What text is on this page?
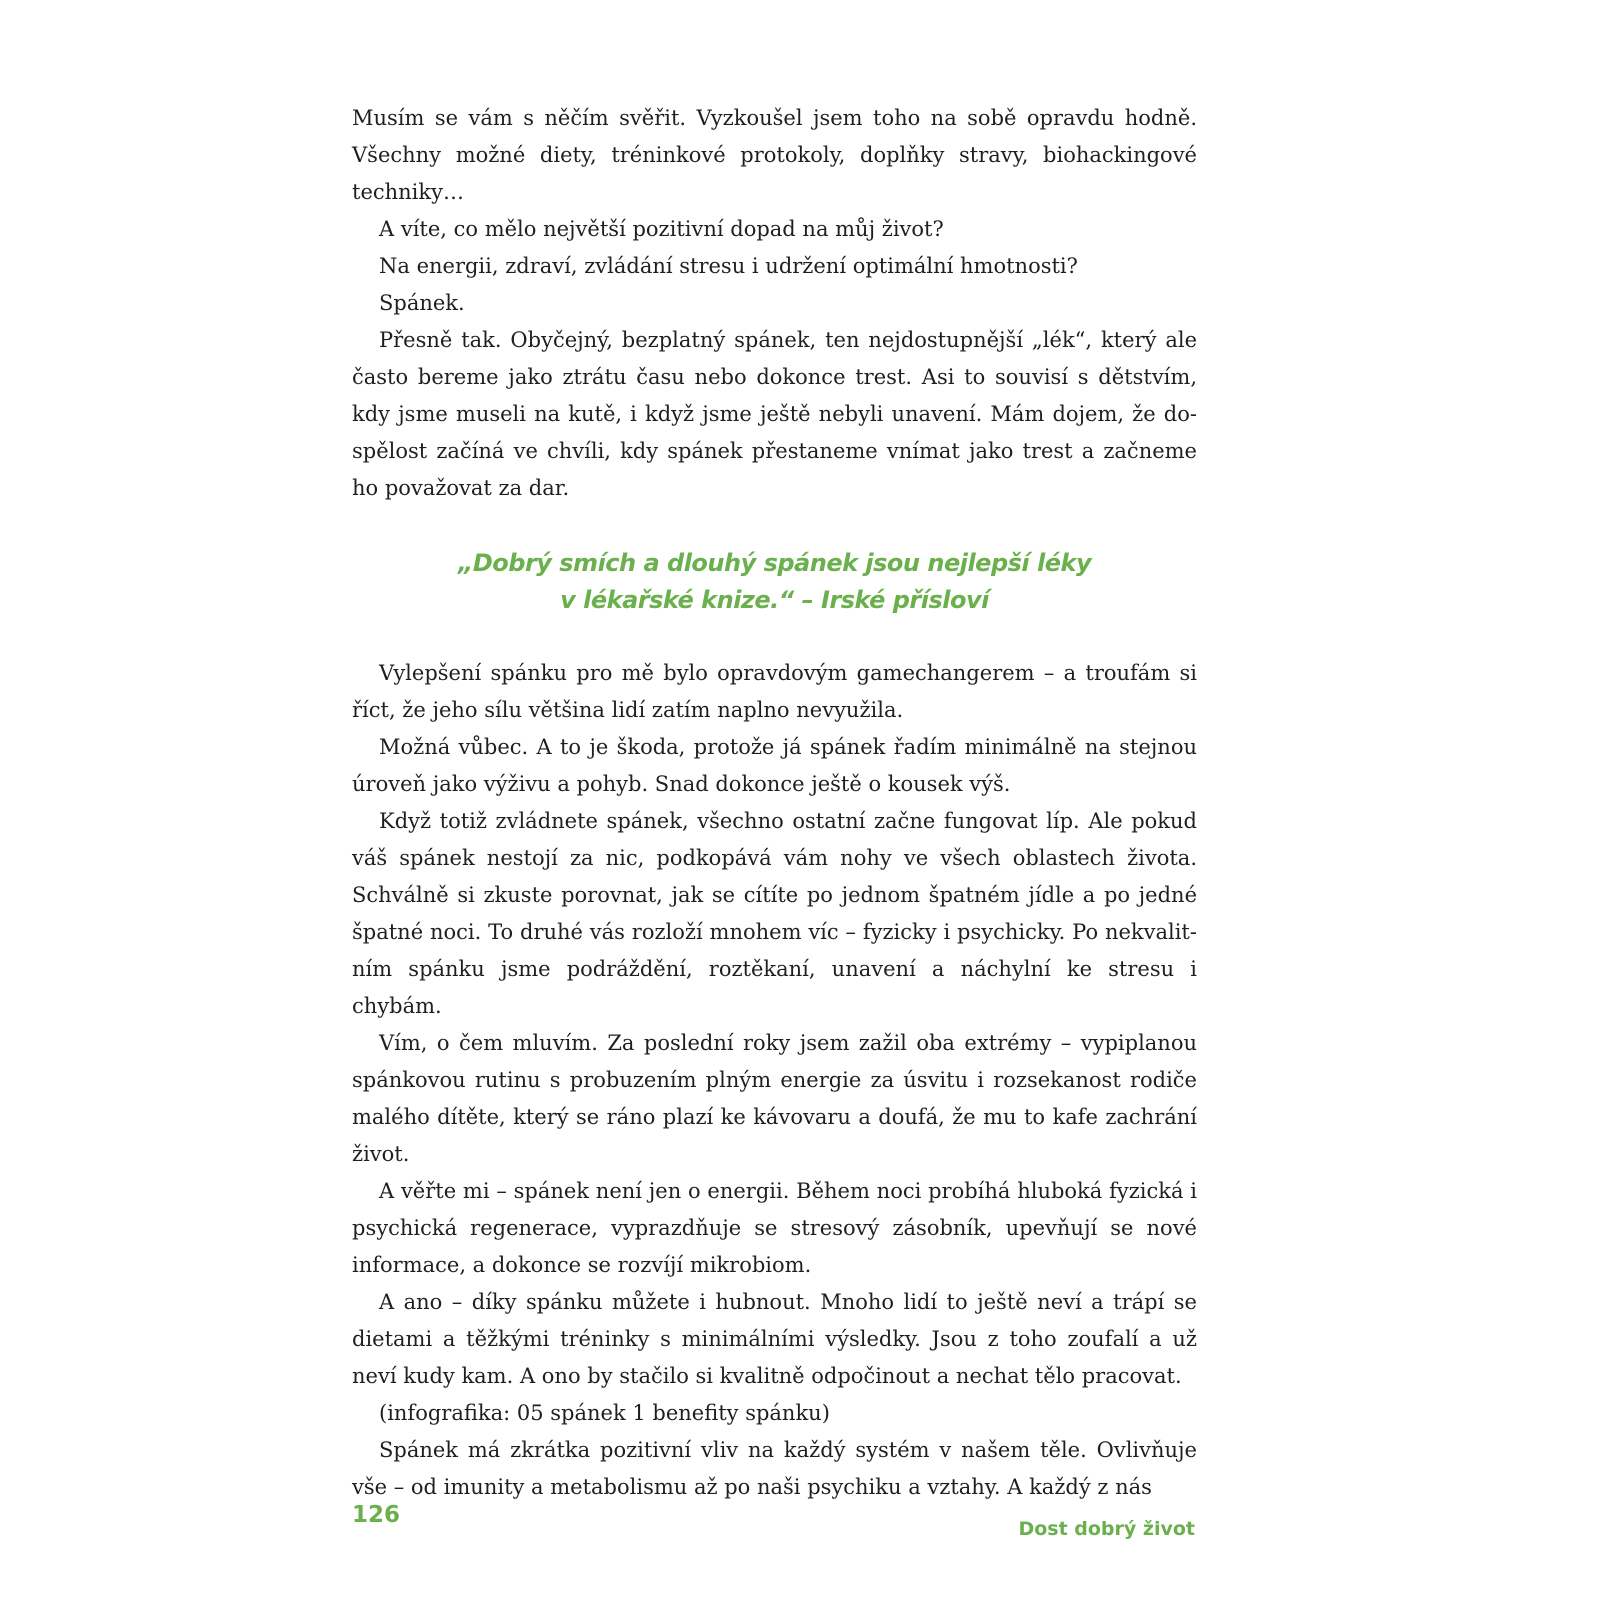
Musím se vám s něčím svěřit. Vyzkoušel jsem toho na sobě opravdu hodně. Všechny možné diety, tréninkové protokoly, doplňky stravy, biohackingové techniky…

A víte, co mělo největší pozitivní dopad na můj život?

Na energii, zdraví, zvládání stresu i udržení optimální hmotnosti?

Spánek.

Přesně tak. Obyčejný, bezplatný spánek, ten nejdostupnější „lék“, který ale často bereme jako ztrátu času nebo dokonce trest. Asi to souvisí s dětstvím, kdy jsme museli na kutě, i když jsme ještě nebyli unavení. Mám dojem, že dospělost začíná ve chvíli, kdy spánek přestaneme vnímat jako trest a začneme ho považovat za dar.

„Dobrý smích a dlouhý spánek jsou nejlepší léky
v lékařské knize.“ – Irské přísloví

Vylepšení spánku pro mě bylo opravdovým gamechangerem – a troufám si říct, že jeho sílu většina lidí zatím naplno nevyužila.

Možná vůbec. A to je škoda, protože já spánek řadím minimálně na stejnou úroveň jako výživu a pohyb. Snad dokonce ještě o kousek výš.

Když totiž zvládnete spánek, všechno ostatní začne fungovat líp. Ale pokud váš spánek nestojí za nic, podkopává vám nohy ve všech oblastech života. Schválně si zkuste porovnat, jak se cítíte po jednom špatném jídle a po jedné špatné noci. To druhé vás rozloží mnohem víc – fyzicky i psychicky. Po nekvalitním spánku jsme podráždění, roztěkaní, unavení a náchylní ke stresu i chybám.

Vím, o čem mluvím. Za poslední roky jsem zažil oba extrémy – vypiplanou spánkovou rutinu s probuzením plným energie za úsvitu i rozsekanost rodiče malého dítěte, který se ráno plazí ke kávovaru a doufá, že mu to kafe zachrání život.

A věřte mi – spánek není jen o energii. Během noci probíhá hluboká fyzická i psychická regenerace, vyprazdňuje se stresový zásobník, upevňují se nové informace, a dokonce se rozvíjí mikrobiom.

A ano – díky spánku můžete i hubnout. Mnoho lidí to ještě neví a trápí se dietami a těžkými tréninky s minimálními výsledky. Jsou z toho zoufalí a už neví kudy kam. A ono by stačilo si kvalitně odpočinout a nechat tělo pracovat.

(infografika: 05 spánek 1 benefity spánku)

Spánek má zkrátka pozitivní vliv na každý systém v našem těle. Ovlivňuje vše – od imunity a metabolismu až po naši psychiku a vztahy. A každý z nás

126
Dost dobrý život
